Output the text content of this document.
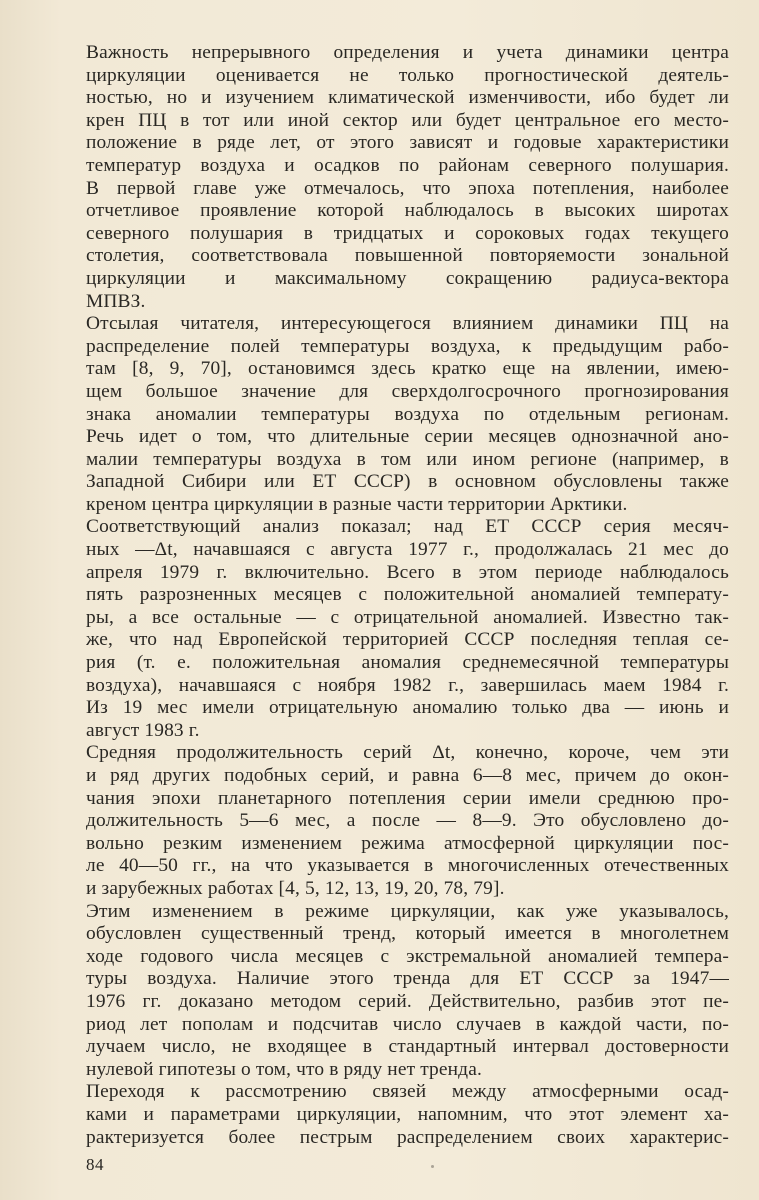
Важность непрерывного определения и учета динамики центра
циркуляции оценивается не только прогностической деятель-
ностью, но и изучением климатической изменчивости, ибо будет ли
крен ПЦ в тот или иной сектор или будет центральное его место-
положение в ряде лет, от этого зависят и годовые характеристики
температур воздуха и осадков по районам северного полушария.
В первой главе уже отмечалось, что эпоха потепления, наиболее
отчетливое проявление которой наблюдалось в высоких широтах
северного полушария в тридцатых и сороковых годах текущего
столетия, соответствовала повышенной повторяемости зональной
циркуляции и максимальному сокращению радиуса-вектора
МПВЗ.
Отсылая читателя, интересующегося влиянием динамики ПЦ на
распределение полей температуры воздуха, к предыдущим рабо-
там [8, 9, 70], остановимся здесь кратко еще на явлении, имею-
щем большое значение для сверхдолгосрочного прогнозирования
знака аномалии температуры воздуха по отдельным регионам.
Речь идет о том, что длительные серии месяцев однозначной ано-
малии температуры воздуха в том или ином регионе (например, в
Западной Сибири или ЕТ СССР) в основном обусловлены также
креном центра циркуляции в разные части территории Арктики.
Соответствующий анализ показал; над ЕТ СССР серия месяч-
ных —Δt, начавшаяся с августа 1977 г., продолжалась 21 мес до
апреля 1979 г. включительно. Всего в этом периоде наблюдалось
пять разрозненных месяцев с положительной аномалией температу-
ры, а все остальные — с отрицательной аномалией. Известно так-
же, что над Европейской территорией СССР последняя теплая се-
рия (т. е. положительная аномалия среднемесячной температуры
воздуха), начавшаяся с ноября 1982 г., завершилась маем 1984 г.
Из 19 мес имели отрицательную аномалию только два — июнь и
август 1983 г.
Средняя продолжительность серий Δt, конечно, короче, чем эти
и ряд других подобных серий, и равна 6—8 мес, причем до окон-
чания эпохи планетарного потепления серии имели среднюю про-
должительность 5—6 мес, а после — 8—9. Это обусловлено до-
вольно резким изменением режима атмосферной циркуляции пос-
ле 40—50 гг., на что указывается в многочисленных отечественных
и зарубежных работах [4, 5, 12, 13, 19, 20, 78, 79].
Этим изменением в режиме циркуляции, как уже указывалось,
обусловлен существенный тренд, который имеется в многолетнем
ходе годового числа месяцев с экстремальной аномалией темпера-
туры воздуха. Наличие этого тренда для ЕТ СССР за 1947—
1976 гг. доказано методом серий. Действительно, разбив этот пе-
риод лет пополам и подсчитав число случаев в каждой части, по-
лучаем число, не входящее в стандартный интервал достоверности
нулевой гипотезы о том, что в ряду нет тренда.
Переходя к рассмотрению связей между атмосферными осад-
ками и параметрами циркуляции, напомним, что этот элемент ха-
рактеризуется более пестрым распределением своих характерис-
84
